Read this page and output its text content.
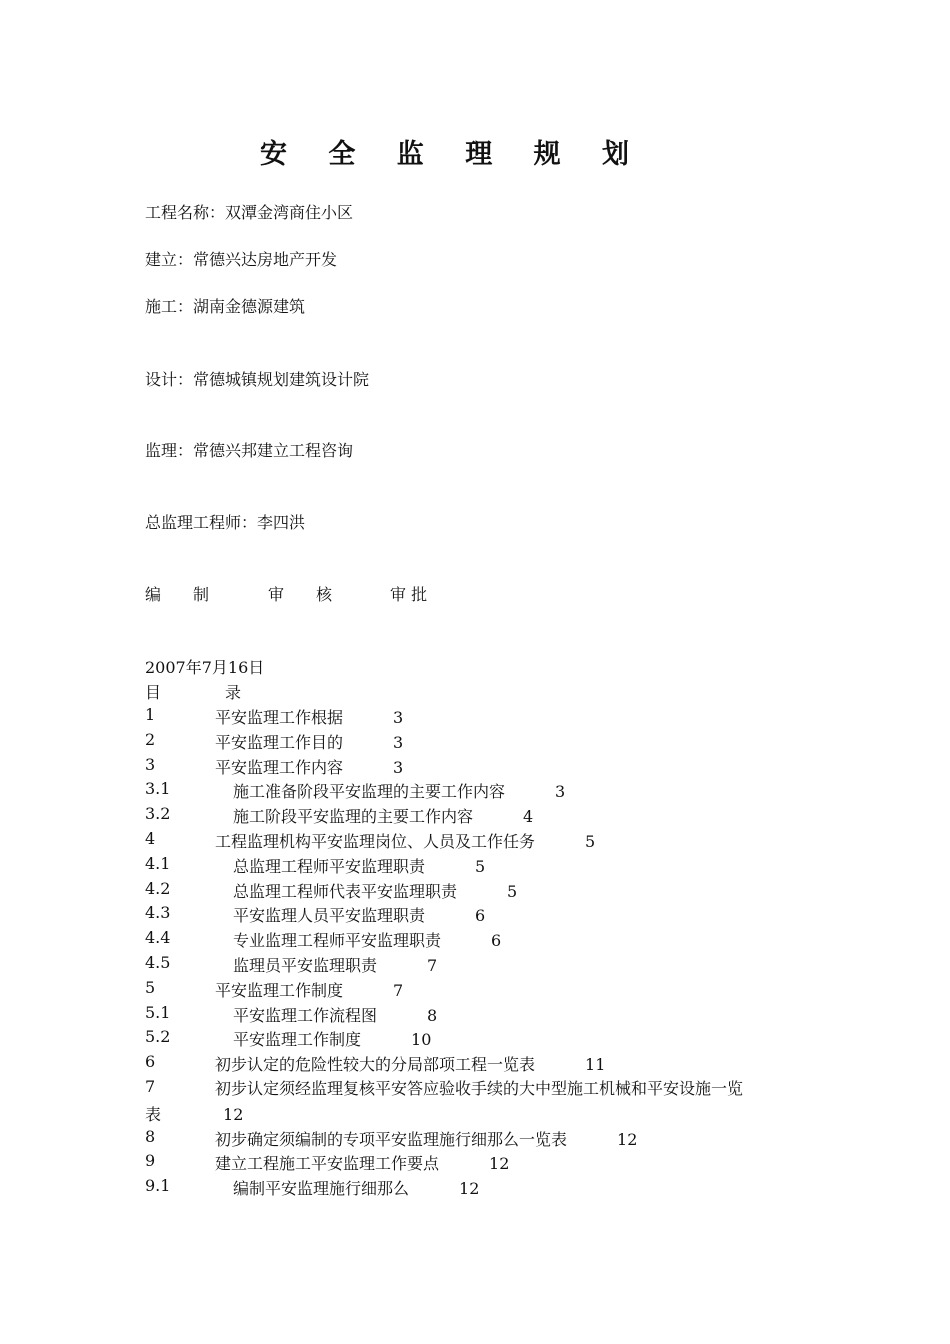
安 全 监 理 规 划
工程名称：双潭金湾商住小区
建立：常德兴达房地产开发
施工：湖南金德源建筑
设计：常德城镇规划建筑设计院
监理：常德兴邦建立工程咨询
总监理工程师：李四洪
编　　制	审　　核	审 批
2007年7月16日
目	录
1	平安监理工作根据	3
2	平安监理工作目的	3
3	平安监理工作内容	3
3.1	施工准备阶段平安监理的主要工作内容	3
3.2	施工阶段平安监理的主要工作内容	4
4	工程监理机构平安监理岗位、人员及工作任务	5
4.1	总监理工程师平安监理职责	5
4.2	总监理工程师代表平安监理职责	5
4.3	平安监理人员平安监理职责	6
4.4	专业监理工程师平安监理职责	6
4.5	监理员平安监理职责	7
5	平安监理工作制度	7
5.1	平安监理工作流程图	8
5.2	平安监理工作制度	10
6	初步认定的危险性较大的分局部项工程一览表	11
7	初步认定须经监理复核平安答应验收手续的大中型施工机械和平安设施一览
表	12
8	初步确定须编制的专项平安监理施行细那么一览表	12
9	建立工程施工平安监理工作要点	12
9.1	编制平安监理施行细那么	12
